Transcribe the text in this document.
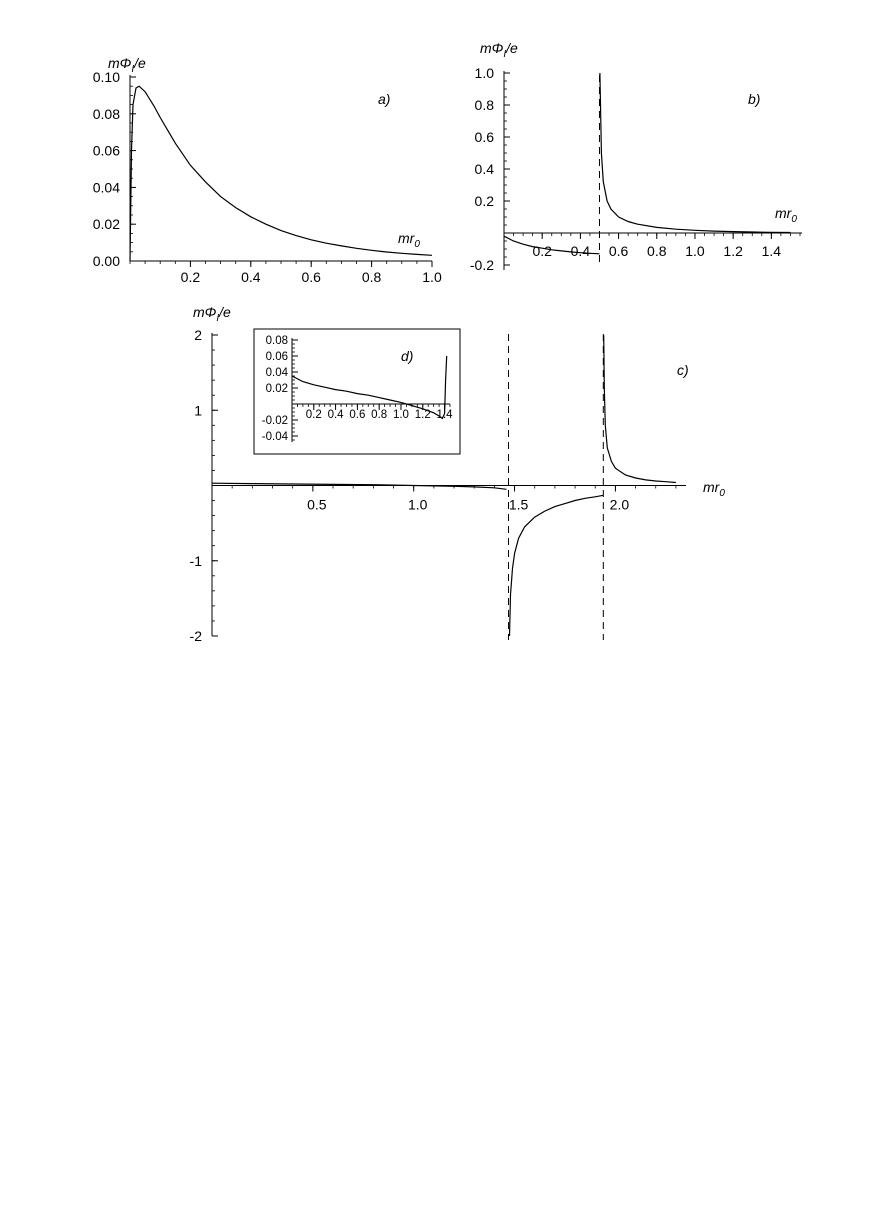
0.2	0.4	0.6	0.8	1.0
0.00
0.02
0.04
0.06
0.08
0.10
$m\Phi_I/e$
$mr_0$
a)
0.2 0.4 0.6 0.8 1.0 1.2 1.4
-0.2
0.2
0.4
0.6
0.8
1.0
$m\Phi_I/e$
$mr_0$
b)
0.5	1.0	1.5	2.0
-2
-1
1
2
$m\Phi_I/e$
$mr_0$
c)
0.2 0.4 0.6 0.8 1.0 1.2 1.4
0.08
0.06
0.04
0.02
-0.02
-0.04
d)
